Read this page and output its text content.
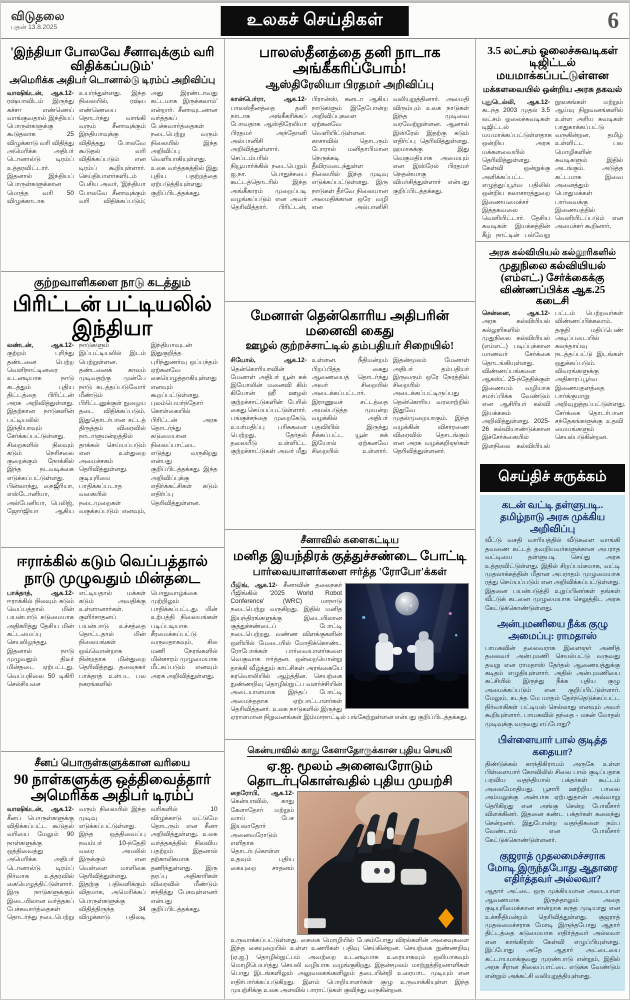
விடுதலை
புதன் 13.8.2025	உலகச் செய்திகள்	6
'இந்தியா போலவே சீனாவுக்கும் வரி விதிக்கப்படும்'
அமெரிக்க அதிபர் டொனால்டு டிரம்ப் அறிவிப்பு
வாஷிங்டன், ஆக.12- ரஷ்யாவிடம் இருந்து கச்சா எண்ணெய் வாங்குவதால் இந்தியப் பொருள்களுக்கு கூடுதலாக 25 விழுக்காடு வரி விதித்து அமெரிக்க அதிபர் டொனால்டு டிரம்ப் உத்தரவிட்டார். இதனால் இந்தியப் பொருள்களுக்கான மொத்த வரி 50 விழுக்காடாக உயர்ந்துள்ளது. இந்த நிலையில், ரஷ்ய எண்ணெயை தொடர்ந்து வாங்கி வரும் சீனாவுக்கும் இந்தியாவுக்கு விதித்தது போலவே கூடுதல் வரி விதிக்கப்படும் என டிரம்ப் கூறியுள்ளார். செய்தியாளர்களிடம் பேசிய அவர், 'இந்தியா போலவே சீனாவுக்கும் வரி விதிக்கப்படும்; அது இரண்டாவது கட்டமாக இருக்கலாம்' என்றார். சீனாவுடனான வர்த்தகப் பேச்சுவார்த்தைகள் நடைபெற்று வரும் நிலையில் இந்த அறிவிப்பு வெளியாகியுள்ளது. உலக வர்த்தகத்தில் இது புதிய பதற்றத்தை ஏற்படுத்தியுள்ளது குறிப்பிடத்தக்கது.
குற்றவாளிகளை நாடு கடத்தும்
பிரிட்டன் பட்டியலில் இந்தியா
லண்டன், ஆக.12- குற்றம் புரிந்து தண்டனை பெற்ற வெளிநாட்டினரை உடனடியாக நாடு கடத்தும் புதிய திட்டத்தை பிரிட்டன் அரசு அறிவித்துள்ளது. இதற்கான நாடுகளின் பட்டியலில் இந்தியாவும் சேர்க்கப்பட்டுள்ளது. சிறைகளில் நிலவும் கடும் நெரிசலை குறைக்கும் நோக்கில் இந்த நடவடிக்கை எடுக்கப்பட்டுள்ளது. பின்லாந்து, நைஜீரியா, எஸ்டோனியா, அல்பேனியா, பெலிஜ், ஜோர்ஜியா ஆகிய நாடுகளும் இப்பட்டியலில் இடம் பெற்றுள்ளன. தண்டனைக் காலம் முடிவதற்கு முன்பே நாடு கடத்தப்படுவோர் மீண்டும் பிரிட்டனுக்குள் நுழைய தடை விதிக்கப்படும். இதுதொடர்பான சட்டத் திருத்தம் விரைவில் நாடாளுமன்றத்தில் தாக்கல் செய்யப்படும் என உள்துறை அமைச்சகம் தெரிவித்துள்ளது. குடியுரிமை பாதிக்கப்படாத வகையில் நடைமுறைகள் வகுக்கப்படும் எனவும், இந்தியாவுடன் இதுகுறித்த புரிந்துணர்வு ஒப்பந்தம் ஏற்கனவே கையெழுத்தாகியுள்ளது எனவும் கூறப்பட்டுள்ளது. புலம்பெயர்ந்தோர் கொள்கையில் பிரிட்டன் அரசு தொடர்ந்து கடுமையான நிலைப்பாட்டை எடுத்து வருகிறது என்பது குறிப்பிடத்தக்கது. இந்த அறிவிப்புக்கு எதிர்க்கட்சிகள் கடும் எதிர்ப்பு தெரிவித்துள்ளன.
ஈராக்கில் கடும் வெப்பத்தால் நாடு முழுவதும் மின்தடை
பாக்தாத், ஆக.12- ஈராக்கில் நிலவும் கடும் வெப்பத்தால் மின் பயன்பாடு கடுமையாக அதிகரித்து தேசிய மின் கட்டமைப்பு செயலிழந்தது. இதனால் நாடு முழுவதும் திடீர் மின்தடை ஏற்பட்டது. வெப்பநிலை 50 டிகிரி செல்சியசை எட்டியதால் மக்கள் கடும் அவதிக்கு உள்ளானார்கள். குளிர்சாதனப் பயன்பாடு உச்சத்தை தொட்டதால் மின் நிலையங்கள் ஒவ்வொன்றாக நின்றதாக மின்துறை தெரிவித்தது. தலைநகர் பாக்தாத் உள்பட பல நகரங்களில் பொதுவாழ்க்கை முற்றிலும் பாதிக்கப்பட்டது. மின் உற்பத்தி நிலையங்கள் படிப்படியாக சீரமைக்கப்பட்டு வருவதாகவும், சில மணி நேரங்களில் மின்சாரம் முழுமையாக மீட்கப்படும் எனவும் அரசு அறிவித்துள்ளது.
சீனப் பொருள்களுக்கான வரியை
90 நாள்களுக்கு ஒத்திவைத்தார் அமெரிக்க அதிபர் டிரம்ப்
வாஷிங்டன், ஆக.12- சீனப் பொருள்களுக்கு விதிக்கப்பட்ட கூடுதல் வரியை மேலும் 90 நாள்களுக்கு ஒத்திவைத்து அமெரிக்க அதிபர் டொனால்டு டிரம்ப் நிர்வாக உத்தரவில் கையெழுத்திட்டுள்ளார். இரு நாடுகளுக்கும் இடையிலான வர்த்தகப் பேச்சுவார்த்தைகள் தொடர்ந்து நடைபெற்று வரும் நிலையில் இந்த முடிவு எடுக்கப்பட்டுள்ளது. இந்த ஒத்திவைப்பு நவம்பர் 10-ந்தேதி வரை அமலில் இருக்கும் என வெள்ளை மாளிகை தெரிவித்துள்ளது. இதற்கு பதிலளிக்கும் விதமாக, அமெரிக்கப் பொருள்களுக்கு விதித்திருந்த 34 விழுக்காடு பதிலடி வரிகளில் 10 விழுக்காடு மட்டுமே தொடரும் என சீனா அறிவித்துள்ளது. உலக வர்த்தகத்தில் நிலவிய பதற்றம் இதனால் தற்காலிகமாக தணிந்துள்ளது. இரு தரப்பு அதிகாரிகள் விரைவில் மீண்டும் சந்தித்து பேசவுள்ளனர் என்பது குறிப்பிடத்தக்கது.
பாலஸ்தீனத்தை தனி நாடாக அங்கீகரிப்போம்!
ஆஸ்திரேலியா பிரதமர் அறிவிப்பு
கான்பெர்ரா, ஆக.12- பாலஸ்தீனத்தை தனி நாடாக அங்கீகரிக்கப் போவதாக ஆஸ்திரேலியா பிரதமர் அந்தோனி அல்பானிசி அறிவித்துள்ளார். செப்டம்பரில் நியூயார்க்கில் நடைபெறும் ஐ.நா. பொதுச்சபை கூட்டத்தொடரில் இந்த அங்கீகாரம் முறைப்படி வழங்கப்படும் என அவர் தெரிவித்தார். பிரிட்டன், பிரான்ஸ், கனடா ஆகிய நாடுகளும் இதேபோன்ற அறிவிப்புகளை ஏற்கனவே வெளியிட்டுள்ளன. காசாவில் தொடரும் போரால் மனிதாபிமான நெருக்கடி தீவிரமடைந்துள்ள நிலையில் இந்த முடிவு எடுக்கப்பட்டுள்ளது. இரு நாடுகள் தீர்வே நிலையான அமைதிக்கான ஒரே வழி என அல்பானிசி வலியுறுத்தினார். அமைதி விரும்பும் உலக நாடுகள் இந்த முடிவை வரவேற்றுள்ளன. ஆனால் இஸ்ரேல் இதற்கு கடும் எதிர்ப்பு தெரிவித்துள்ளது. ஹமாசுக்கு இது வெகுமதியாக அமையும் என இஸ்ரேல் பிரதமர் நெதன்யாகு விமர்சித்துள்ளார் என்பது குறிப்பிடத்தக்கது.
மேனாள் தென்கொரிய அதிபரின் மனைவி கைது
ஊழல் குற்றச்சாட்டில் தம்பதியர் சிறையில்!
சியோல், ஆக.12- தென்கொரியாவின் மேனாள் அதிபர் யூன் சுக் இயோலின் மனைவி கிம் கியோன் ஹீ ஊழல் குற்றச்சாட்டுகளின் பேரில் கைது செய்யப்பட்டுள்ளார். பங்குச்சந்தை முறைகேடு, உயர்மதிப்பு பரிசுகளை பெற்றது, தேர்தல் தலையீடு உள்ளிட்ட குற்றச்சாட்டுகள் அவர் மீது உள்ளன. நீதிமன்றம் பிறப்பித்த கைது ஆணையைத் தொடர்ந்து அவர் சிறையில் அடைக்கப்பட்டார். இராணுவச் சட்டத்தை அமல்படுத்த முயன்ற வழக்கில் அதிபர் பதவியில் இருந்து நீக்கப்பட்ட யூன் சுக் இயோல் ஏற்கனவே சிறையில் உள்ளார். இதன்மூலம் மேனாள் அதிபர் தம்பதியர் இருவரும் ஒரே நேரத்தில் சிறையில் அடைக்கப்பட்டிருப்பது தென்கொரிய வரலாற்றில் இதுவே முதல்முறையாகும். இந்த வழக்கின் விசாரணை விரைவில் தொடங்கும் என அரசு வழக்கறிஞர்கள் தெரிவித்துள்ளனர்.
சீனாவில் களைகட்டிய
மனித இயந்திரக் குத்துச்சண்டை போட்டி
பார்வையாளர்களை ஈர்த்த 'ரோபோ'க்கள்
பீஜிங், ஆக.12- சீனாவின் தலைநகர் பீஜிங்கில் '2025 World Robot Conference' (WRC) மாநாடு நடைபெற்று வருகிறது. இதில் மனித இயந்திரங்களுக்கு இடையிலான குத்துச்சண்டைப் போட்டி நடைபெற்றது. வண்ண விளக்குகளின் ஒளியில் மேடையில் மோதிக்கொண்ட ரோபோக்கள் பார்வையாளர்களை வெகுவாக ஈர்த்தன. ஒன்றையொன்று தாக்கி வீழ்த்தும் காட்சிகள் அரங்கையே கரவொலியில் ஆழ்த்தின. செயற்கை நுண்ணறிவு தொழில்நுட்ப வளர்ச்சியின் அடையாளமாக இந்தப் போட்டி அமைந்ததாக ஏற்பாட்டாளர்கள் தெரிவித்தனர். உலக நாடுகளில் இருந்து ஏராளமான நிறுவனங்கள் இம்மாநாட்டில் பங்கேற்றுள்ளன என்பது குறிப்பிடத்தக்கது.
கென்யாவில் காது கேளாதோருக்கான புதிய செயலி
ஏ.ஐ. மூலம் அனைவரோடும் தொடர்புகொள்வதில் புதிய முயற்சி
நைரோபி, ஆக.12- கென்யாவில், காது கேளாதோர் மற்றும் வாய் பேச இயலாதோர் அனைவரோடும் எளிதாக தொடர்புகொள்ள உதவும் புதிய கையுறை சாதனம் உருவாக்கப்பட்டுள்ளது. சைகை மொழியில் பேசும்போது விரல்களின் அசைவுகளை இந்த கையுறையில் உள்ள உணரிகள் பதிவு செய்கின்றன. செயற்கை நுண்ணறிவு (ஏ.ஐ.) தொழில்நுட்பம் அவற்றை உடனடியாக உரையாகவும் ஒலியாகவும் மொழிபெயர்த்து செயலி வழியாக வழங்குகிறது. இதன்மூலம் மாற்றுத்திறனாளிகள் பொது இடங்களிலும் அலுவலகங்களிலும் தடையின்றி உரையாட முடியும் என எதிர்பார்க்கப்படுகிறது. இளம் பொறியாளர்கள் குழு உருவாக்கியுள்ள இந்த முயற்சிக்கு உலக அளவில் பாராட்டுகள் குவிந்து வருகின்றன.
3.5 லட்சம் ஓலைச்சுவடிகள் டிஜிட்டல் மயமாக்கப்பட்டுள்ளன
மக்களவையில் ஒன்றிய அரசு தகவல்
புதுடெல்லி, ஆக.12- கடந்த 2003 முதல் 3.5 லட்சம் ஓலைச்சுவடிகள் டிஜிட்டல் மயமாக்கப்பட்டுள்ளதாக ஒன்றிய அரசு மக்களவையில் தெரிவித்துள்ளது. கேள்வி ஒன்றுக்கு அளிக்கப்பட்ட எழுத்துப்பூர்வ பதிலில் ஒன்றிய கலாசாரத்துறை இணையமைச்சர் இத்தகவலை வெளியிட்டார். தேசிய சுவடிகள் இயக்கத்தின் கீழ் நாட்டின் பல்வேறு நூலகங்கள் மற்றும் ஆய்வு நிறுவனங்களில் உள்ள அரிய சுவடிகள் பாதுகாக்கப்பட்டு வருகின்றன. தமிழ் உள்ளிட்ட பல மொழிகளின் சுவடிகளும் இதில் அடங்கும். அடுத்த கட்டமாக இவை அனைத்தும் பொதுமக்கள் பார்வைக்கு இணையத்தில் வெளியிடப்படும் என அமைச்சர் கூறினார்.
அரசு கல்வியியல் கல்லூரிகளில்
முதுநிலை கல்வியியல் (எம்எட்.) சேர்க்கைக்கு விண்ணப்பிக்க ஆக.25 கடைசி
சென்னை, ஆக.12- அரசு கல்வியியல் கல்லூரிகளில் முதுநிலை கல்வியியல் (எம்எட்.) படிப்புக்கான மாணவர் சேர்க்கை தொடங்கியுள்ளது. விண்ணப்பங்களை ஆகஸ்ட் 25-ந்தேதிக்குள் இணையம் வழியாக சமர்ப்பிக்க வேண்டும் என ஆசிரியர் கல்வி இயக்ககம் அறிவித்துள்ளது. 2025-26 கல்வியாண்டுக்கான இச்சேர்க்கையில் இளநிலை கல்வியியல் பட்டம் பெற்றவர்கள் விண்ணப்பிக்கலாம். தகுதி மதிப்பெண் அடிப்படையில் கலந்தாய்வு நடத்தப்பட்டு இடங்கள் ஒதுக்கப்படும். விவரங்களுக்கு அதிகாரப்பூர்வ இணையதளத்தை பார்க்குமாறு அறிவுறுத்தப்பட்டுள்ளது. சேர்க்கை தொடர்பான சந்தேகங்களுக்கு உதவி மையங்களும் செயல்படுகின்றன.
செய்திச் சுருக்கம்
கடன் வட்டி தள்ளுபடி.. தமிழ்நாடு அரசு முக்கிய அறிவிப்பு
வீட்டு வசதி வாரியத்தில் வீடுகளை வாங்கி தவணை கட்டத் தவறியவர்களுக்கான அபராத வட்டியை தள்ளுபடி செய்து அரசு உத்தரவிட்டுள்ளது. இதில் சிறப்பம்சமாக, வட்டி முதலாக்கத்தின் மீதான அபராதம் முழுமையாக ரத்து செய்யப்படும் என அறிவிக்கப்பட்டுள்ளது. இதனை பயன்படுத்தி உறுப்பினர்கள் தங்கள் வீட்டுக் கடனை முழுமையாக செலுத்திட அரசு கேட்டுக்கொண்டுள்ளது.
அன்புமணியை நீக்க குழு அமைப்பு: ராமதாஸ்
பாமகவின் தலைவராக இளைஞர் அணித் தலைவர் அன்புமணி செயல்பட்டு வருவது தவறு என ராமதாஸ் தேர்தல் ஆணையத்துக்கு கடிதம் எழுதியுள்ளார். அதில் அன்புமணியை கட்சியில் இருந்து நீக்க புதிய குழு அமைக்கப்படும் என குறிப்பிட்டுள்ளார். மேலும், கடந்த மே மாதம் தேர்ந்தெடுக்கப்பட்ட நிர்வாகிகள் பட்டியல் செல்லாது எனவும் அவர் கூறியுள்ளார். பாமகவில் தந்தை - மகன் மோதல் முடிவுக்கு வருவது எப்போது?
பிள்ளையார் பால் குடித்த கதையா?
திண்டுக்கல் காந்திகிராமம் அருகே உள்ள பிள்ளையார் கோவிலில் சிலை பால் குடிப்பதாக பரவிய வதந்தியால் பக்தர்கள் கூட்டம் அலைமோதியது. பூசாரி ஊற்றிய பாலை அம்மலுக்கு அன்பாக ஏற்பதுதான் அவ்வாறு தெரிகிறது என அங்கு சென்ற போலீசார் விளக்கினர். இதனை கண்ட பக்தர்கள் கலைந்து சென்றனர். இதுபோன்ற வதந்திகளை நம்ப வேண்டாம் என போலீசார் கேட்டுக்கொண்டுள்ளனர்.
குஜராத் முதலமைச்சராக மோடி இருந்தபோது ஆதாரை எதிர்த்தவர் அல்லவா?
ஆதார் அட்டை ஒரு முக்கியமான அடையாள ஆவணமாக இருந்தாலும் அதை குடியுரிமைக்கான சான்றாக கருத முடியாது என உச்சநீதிமன்றம் தெரிவித்துள்ளது. குஜராத் முதலமைச்சராக மோடி இருந்தபோது ஆதார் திட்டத்தை கடுமையாக எதிர்த்தவர் அல்லவா என காங்கிரஸ் கேள்வி எழுப்பியுள்ளது. இப்போது அதே ஆதார் அட்டையை கட்டாயமாக்குவது முரண்பாடு என்றும், இதில் அரசு சீரான நிலைப்பாட்டை எடுக்க வேண்டும் என்றும் அக்கட்சி வலியுறுத்தியுள்ளது.
